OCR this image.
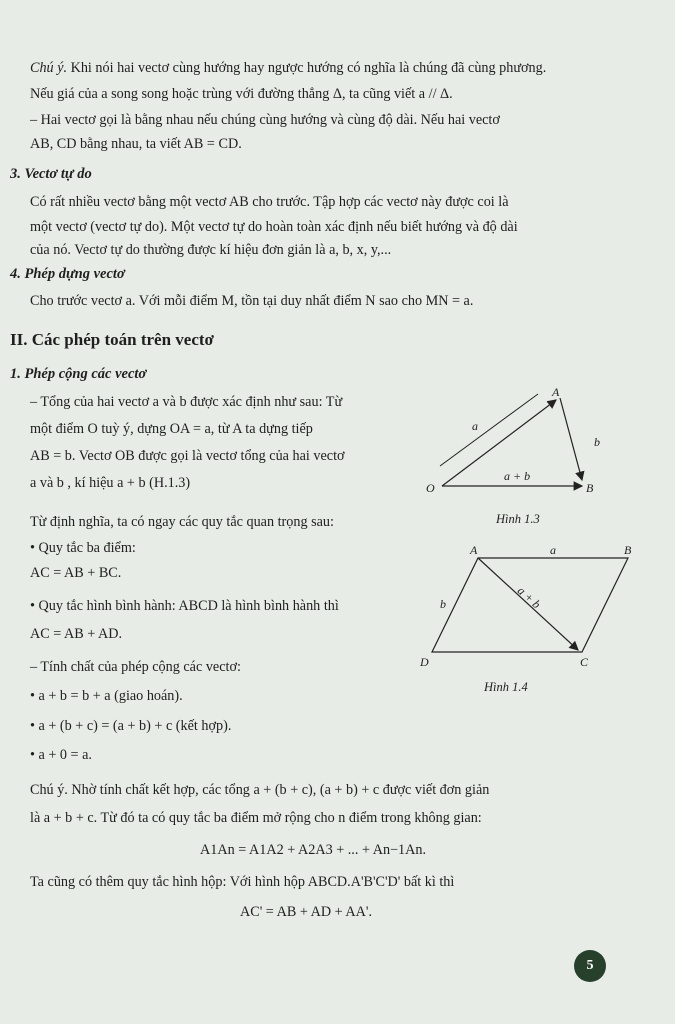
Chú ý. Khi nói hai vectơ cùng hướng hay ngược hướng có nghĩa là chúng đã cùng phương.
Nếu giá của a song song hoặc trùng với đường thẳng Δ, ta cũng viết a // Δ.
– Hai vectơ gọi là bằng nhau nếu chúng cùng hướng và cùng độ dài. Nếu hai vectơ
AB, CD bằng nhau, ta viết AB = CD.
3. Vectơ tự do
Có rất nhiều vectơ bằng một vectơ AB cho trước. Tập hợp các vectơ này được coi là
một vectơ (vectơ tự do). Một vectơ tự do hoàn toàn xác định nếu biết hướng và độ dài
của nó. Vectơ tự do thường được kí hiệu đơn giản là a, b, x, y,...
4. Phép dựng vectơ
Cho trước vectơ a. Với mỗi điểm M, tồn tại duy nhất điểm N sao cho MN = a.
II. Các phép toán trên vectơ
1. Phép cộng các vectơ
– Tổng của hai vectơ a và b được xác định như sau: Từ
một điểm O tuỳ ý, dựng OA = a, từ A ta dựng tiếp
AB = b. Vectơ OB được gọi là vectơ tổng của hai vectơ
a và b , kí hiệu a + b (H.1.3)
Từ định nghĩa, ta có ngay các quy tắc quan trọng sau:
• Quy tắc ba điểm:
AC = AB + BC.
• Quy tắc hình bình hành: ABCD là hình bình hành thì
AC = AB + AD.
– Tính chất của phép cộng các vectơ:
• a + b = b + a (giao hoán).
• a + (b + c) = (a + b) + c (kết hợp).
• a + 0 = a.
Chú ý. Nhờ tính chất kết hợp, các tổng a + (b + c), (a + b) + c được viết đơn giản
là a + b + c. Từ đó ta có quy tắc ba điểm mở rộng cho n điểm trong không gian:
A1An = A1A2 + A2A3 + ... + An−1An.
Ta cũng có thêm quy tắc hình hộp: Với hình hộp ABCD.A'B'C'D' bất kì thì
AC' = AB + AD + AA'.
O
A
B
a
b
a + b
Hình 1.3
A	B
C
D
a
b	a + b
Hình 1.4
5
